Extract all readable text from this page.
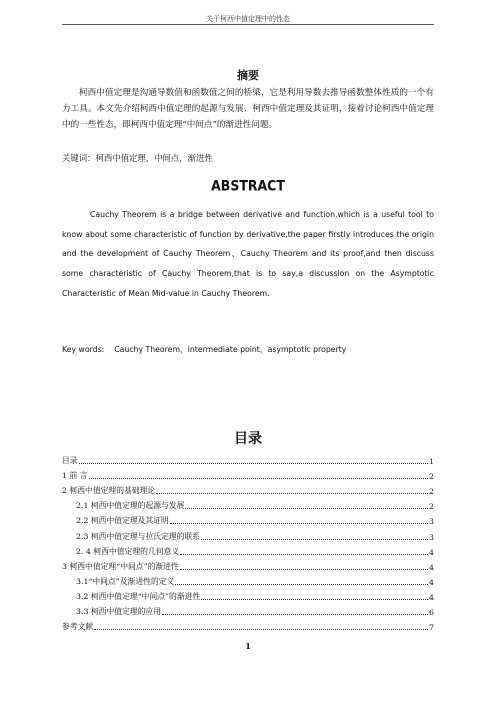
关于柯西中值定理中的性态
摘要

柯西中值定理是沟通导数值和函数值之间的桥梁，它是利用导数去推导函数整体性质的一个有力工具。本文先介绍柯西中值定理的起源与发展、柯西中值定理及其证明，接着讨论柯西中值定理中的一些性态，即柯西中值定理“中间点”的渐进性问题。

关键词：柯西中值定理，中间点，渐进性
ABSTRACT

Cauchy Theorem is a bridge between derivative and function,which is a useful tool to know about some characteristic of function by derivative,the paper firstly introduces the origin and the development of Cauchy Theorem、Cauchy Theorem and its proof,and then discuss some characteristic of Cauchy Theorem,that is to say,a discussion on the Asymptotic Characteristic of Mean Mid-value in Cauchy Theorem.

Key words: Cauchy Theorem，intermediate point，asymptotic property
目录
目录	1
1 前 言	2
2 柯西中值定理的基础理论	2
2.1 柯西中值定理的起源与发展	2
2.2 柯西中值定理及其证明	3
2.3 柯西中值定理与拉氏定理的联系	3
2. 4 柯西中值定理的几何意义	4
3 柯西中值定理“中间点”的渐进性	4
3.1“中间点”及渐进性的定义	4
3.2 柯西中值定理“中间点”的渐进性	4
3.3 柯西中值定理的应用	6
参考文献	7
1
